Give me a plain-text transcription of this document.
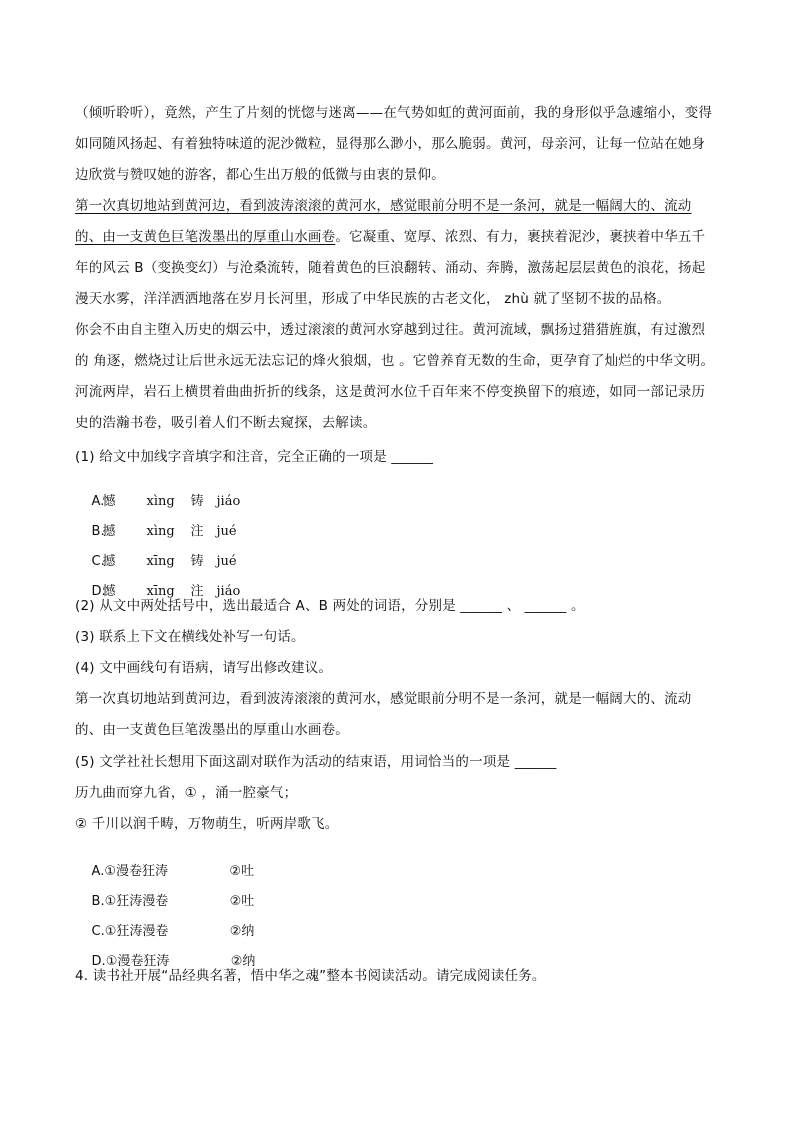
（倾听聆听），竟然，产生了片刻的恍惚与迷离——在气势如虹的黄河面前，我的身形似乎急遽缩小，变得如同随风扬起、有着独特味道的泥沙微粒，显得那么渺小，那么脆弱。黄河，母亲河，让每一位站在她身边欣赏与赞叹她的游客，都心生出万般的低微与由衷的景仰。

第一次真切地站到黄河边，看到波涛滚滚的黄河水，感觉眼前分明不是一条河，就是一幅阔大的、流动的、由一支黄色巨笔泼墨出的厚重山水画卷。它凝重、宽厚、浓烈、有力，裹挟着泥沙，裹挟着中华五千年的风云 B（变换变幻）与沧桑流转，随着黄色的巨浪翻转、涌动、奔腾，激荡起层层黄色的浪花，扬起漫天水雾，洋洋洒洒地落在岁月长河里，形成了中华民族的古老文化， zhù 就了坚韧不拔的品格。

你会不由自主堕入历史的烟云中，透过滚滚的黄河水穿越到过往。黄河流域，飘扬过猎猎旌旗，有过激烈的 角逐，燃烧过让后世永远无法忘记的烽火狼烟，也 。它曾养育无数的生命，更孕育了灿烂的中华文明。河流两岸，岩石上横贯着曲曲折折的线条，这是黄河水位千百年来不停变换留下的痕迹，如同一部记录历史的浩瀚书卷，吸引着人们不断去窥探，去解读。

(1) 给文中加线字音填字和注音，完全正确的一项是 ______

A.憾 xìng 铸 jiáo

B.撼 xìng 注 jué

C.撼 xīng 铸 jué

D.憾 xīng 注 jiáo

(2) 从文中两处括号中，选出最适合 A、B 两处的词语，分别是 ______ 、 ______ 。

(3) 联系上下文在横线处补写一句话。

(4) 文中画线句有语病，请写出修改建议。

第一次真切地站到黄河边，看到波涛滚滚的黄河水，感觉眼前分明不是一条河，就是一幅阔大的、流动的、由一支黄色巨笔泼墨出的厚重山水画卷。

(5) 文学社社长想用下面这副对联作为活动的结束语，用词恰当的一项是 ______

历九曲而穿九省，① ，涌一腔豪气；

② 千川以润千畴，万物萌生，听两岸歌飞。

A.①漫卷狂涛	②吐

B.①狂涛漫卷	②吐

C.①狂涛漫卷	②纳

D.①漫卷狂涛	②纳

4. 读书社开展“品经典名著，悟中华之魂”整本书阅读活动。请完成阅读任务。
